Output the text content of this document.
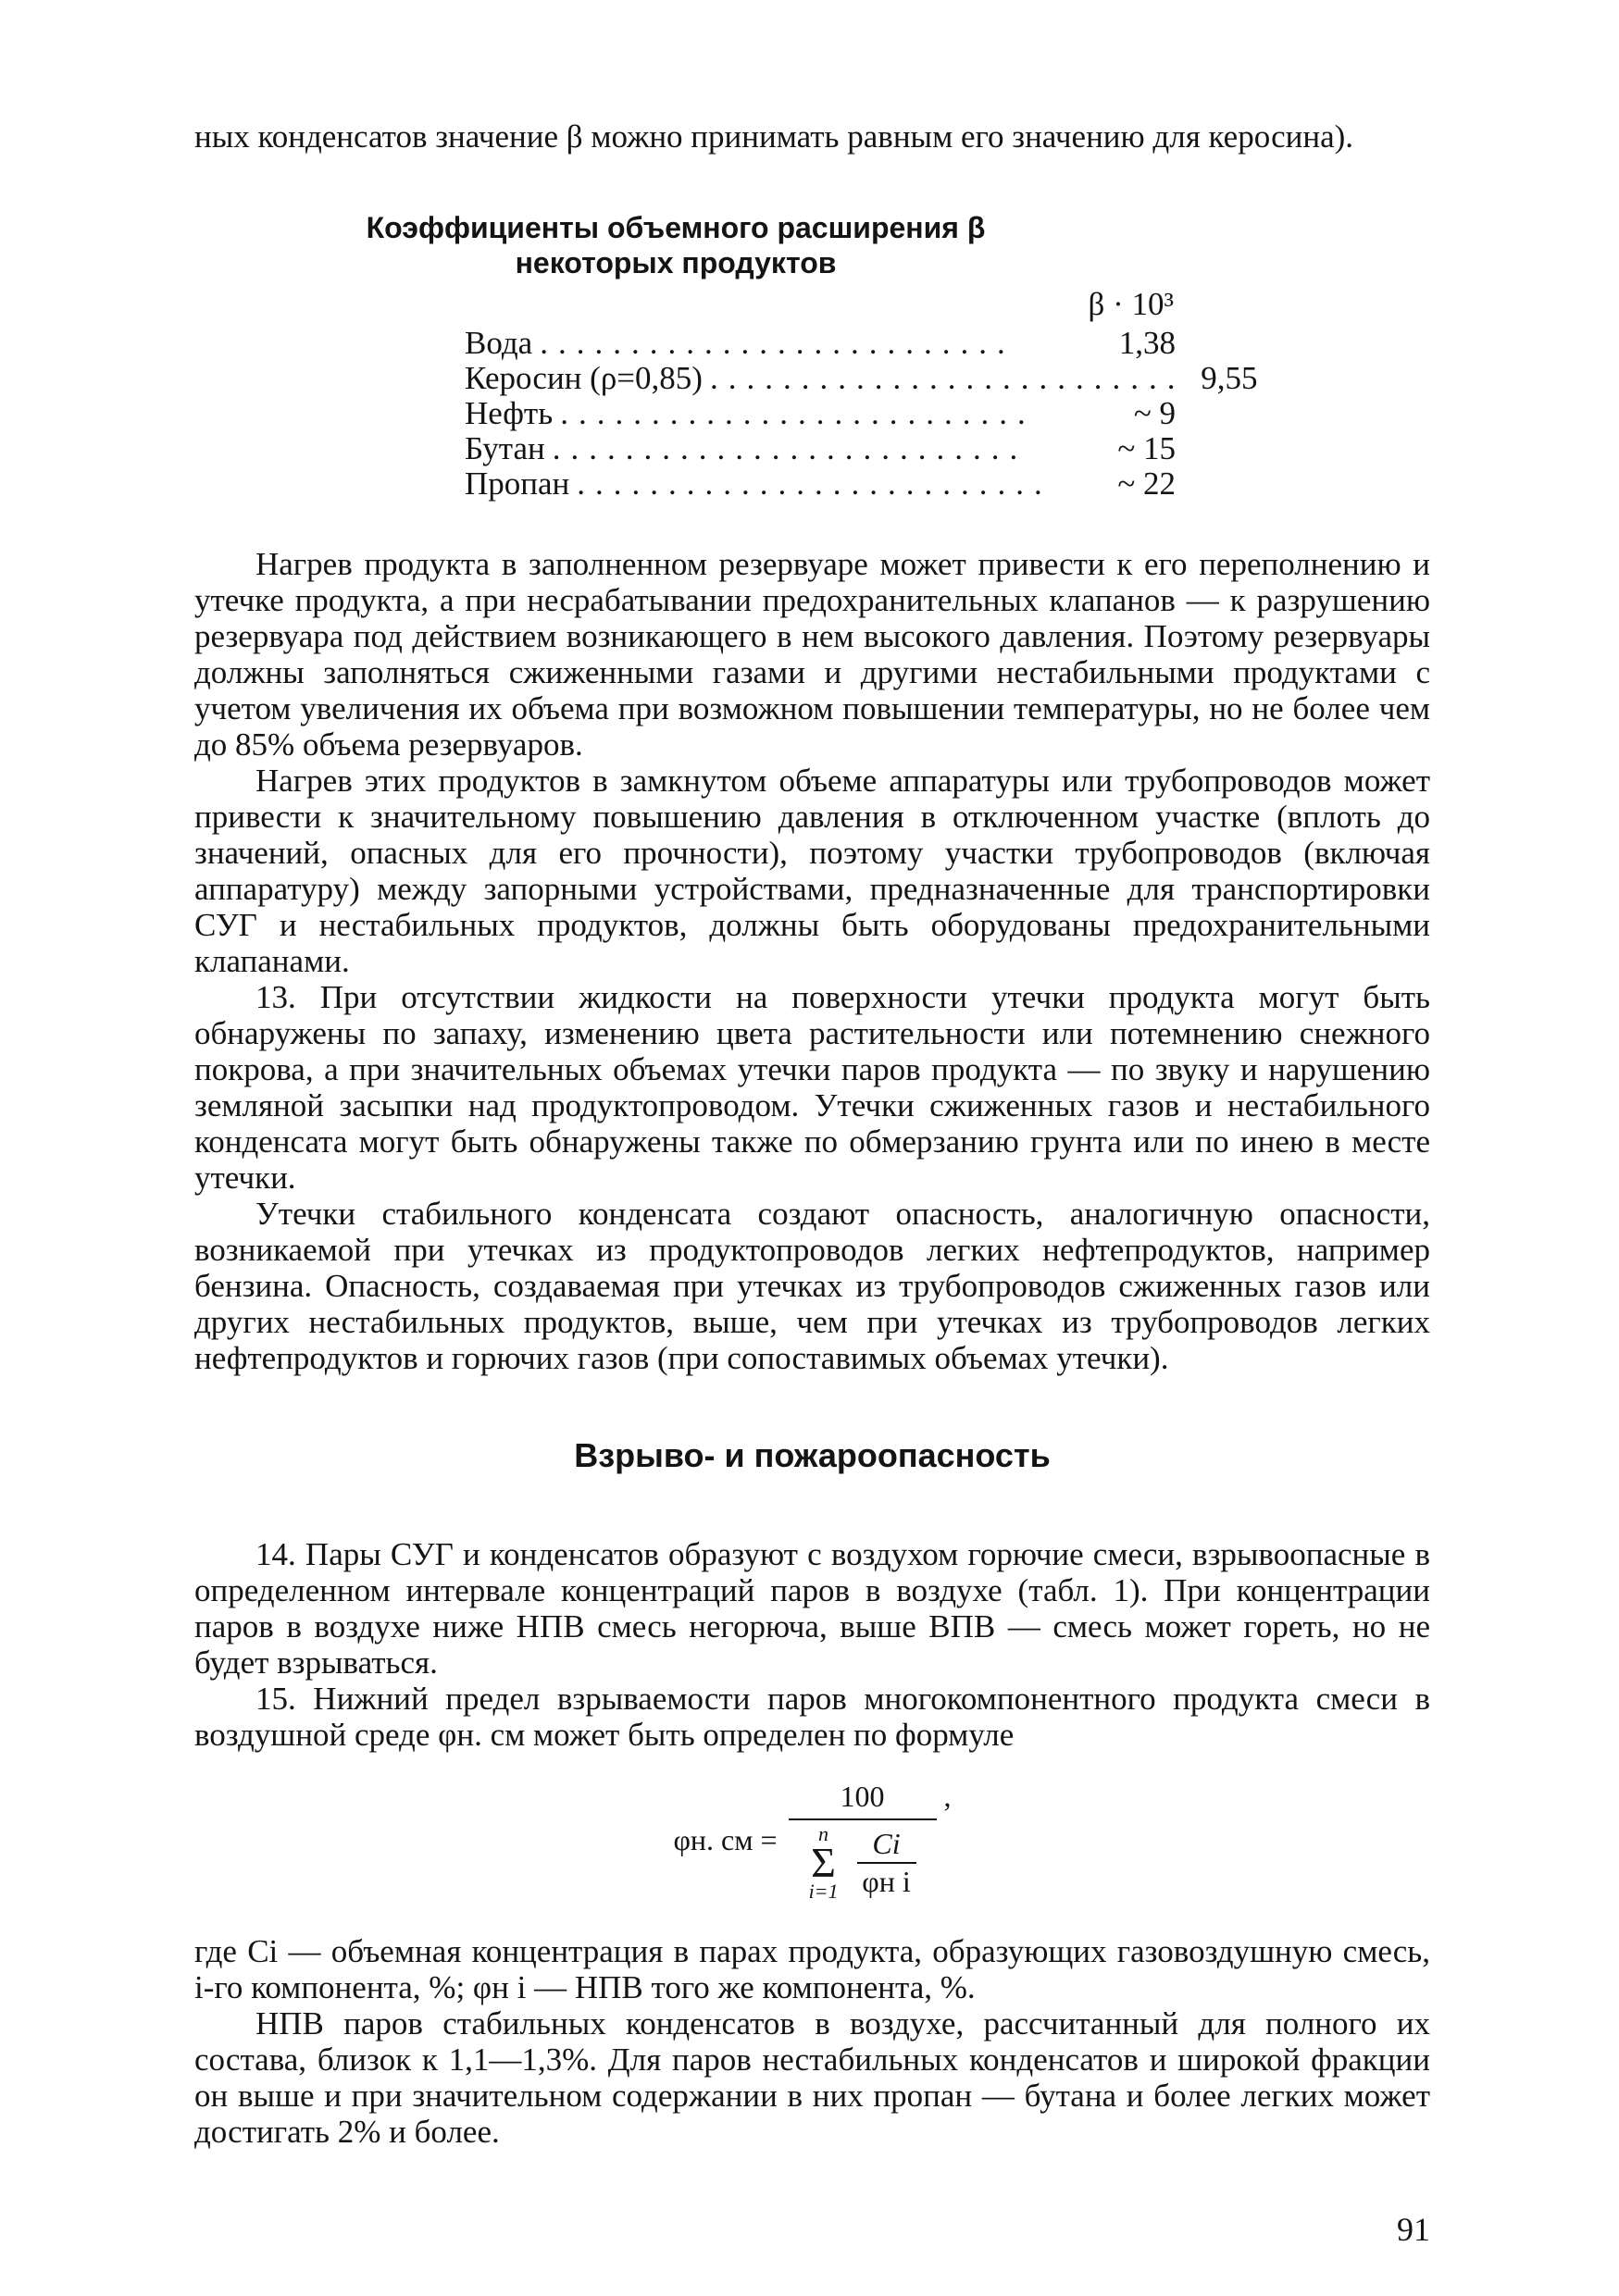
ных конденсатов значение β можно принимать равным его значению для керосина).

Коэффициенты объемного расширения β
некоторых продуктов
β · 10³
Вода ..........................	1,38
Керосин (ρ=0,85) .......................... 9,55
Нефть ..........................	~ 9
Бутан ..........................	~ 15
Пропан ..........................	~ 22

Нагрев продукта в заполненном резервуаре может привести к его переполнению и утечке продукта, а при несрабатывании предохранительных клапанов — к разрушению резервуара под действием возникающего в нем высокого давления. Поэтому резервуары должны заполняться сжиженными газами и другими нестабильными продуктами с учетом увеличения их объема при возможном повышении температуры, но не более чем до 85% объема резервуаров.

Нагрев этих продуктов в замкнутом объеме аппаратуры или трубопроводов может привести к значительному повышению давления в отключенном участке (вплоть до значений, опасных для его прочности), поэтому участки трубопроводов (включая аппаратуру) между запорными устройствами, предназначенные для транспортировки СУГ и нестабильных продуктов, должны быть оборудованы предохранительными клапанами.

13. При отсутствии жидкости на поверхности утечки продукта могут быть обнаружены по запаху, изменению цвета растительности или потемнению снежного покрова, а при значительных объемах утечки паров продукта — по звуку и нарушению земляной засыпки над продуктопроводом. Утечки сжиженных газов и нестабильного конденсата могут быть обнаружены также по обмерзанию грунта или по инею в месте утечки.

Утечки стабильного конденсата создают опасность, аналогичную опасности, возникаемой при утечках из продуктопроводов легких нефтепродуктов, например бензина. Опасность, создаваемая при утечках из трубопроводов сжиженных газов или других нестабильных продуктов, выше, чем при утечках из трубопроводов легких нефтепродуктов и горючих газов (при сопоставимых объемах утечки).

Взрыво- и пожароопасность

14. Пары СУГ и конденсатов образуют с воздухом горючие смеси, взрывоопасные в определенном интервале концентраций паров в воздухе (табл. 1). При концентрации паров в воздухе ниже НПВ смесь негорюча, выше ВПВ — смесь может гореть, но не будет взрываться.

15. Нижний предел взрываемости паров многокомпонентного продукта смеси в воздушной среде φн. см может быть определен по формуле

φн. см =
100
n
Σ
$i=1 \frac{Ci}{\text{φн i}}$
,

где Ci — объемная концентрация в парах продукта, образующих газовоздушную смесь, i-го компонента, %; φн i — НПВ того же компонента, %.

НПВ паров стабильных конденсатов в воздухе, рассчитанный для полного их состава, близок к 1,1—1,3%. Для паров нестабильных конденсатов и широкой фракции он выше и при значительном содержании в них пропан — бутана и более легких может достигать 2% и более.

91
